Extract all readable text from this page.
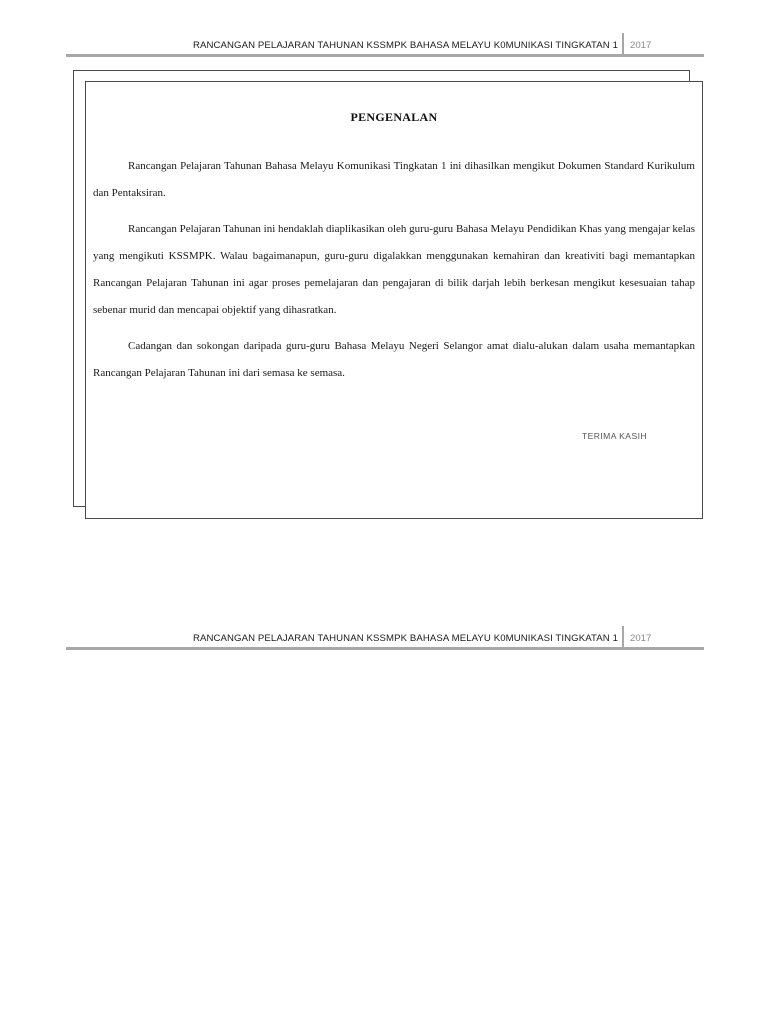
RANCANGAN PELAJARAN TAHUNAN KSSMPK BAHASA MELAYU K0MUNIKASI TINGKATAN 1 2017
PENGENALAN

Rancangan Pelajaran Tahunan Bahasa Melayu Komunikasi Tingkatan 1 ini dihasilkan mengikut Dokumen Standard Kurikulum dan Pentaksiran.

Rancangan Pelajaran Tahunan ini hendaklah diaplikasikan oleh guru-guru Bahasa Melayu Pendidikan Khas yang mengajar kelas yang mengikuti KSSMPK. Walau bagaimanapun, guru-guru digalakkan menggunakan kemahiran dan kreativiti bagi memantapkan Rancangan Pelajaran Tahunan ini agar proses pemelajaran dan pengajaran di bilik darjah lebih berkesan mengikut kesesuaian tahap sebenar murid dan mencapai objektif yang dihasratkan.

Cadangan dan sokongan daripada guru-guru Bahasa Melayu Negeri Selangor amat dialu-alukan dalam usaha memantapkan Rancangan Pelajaran Tahunan ini dari semasa ke semasa.

TERIMA KASIH
RANCANGAN PELAJARAN TAHUNAN KSSMPK BAHASA MELAYU K0MUNIKASI TINGKATAN 1 2017
